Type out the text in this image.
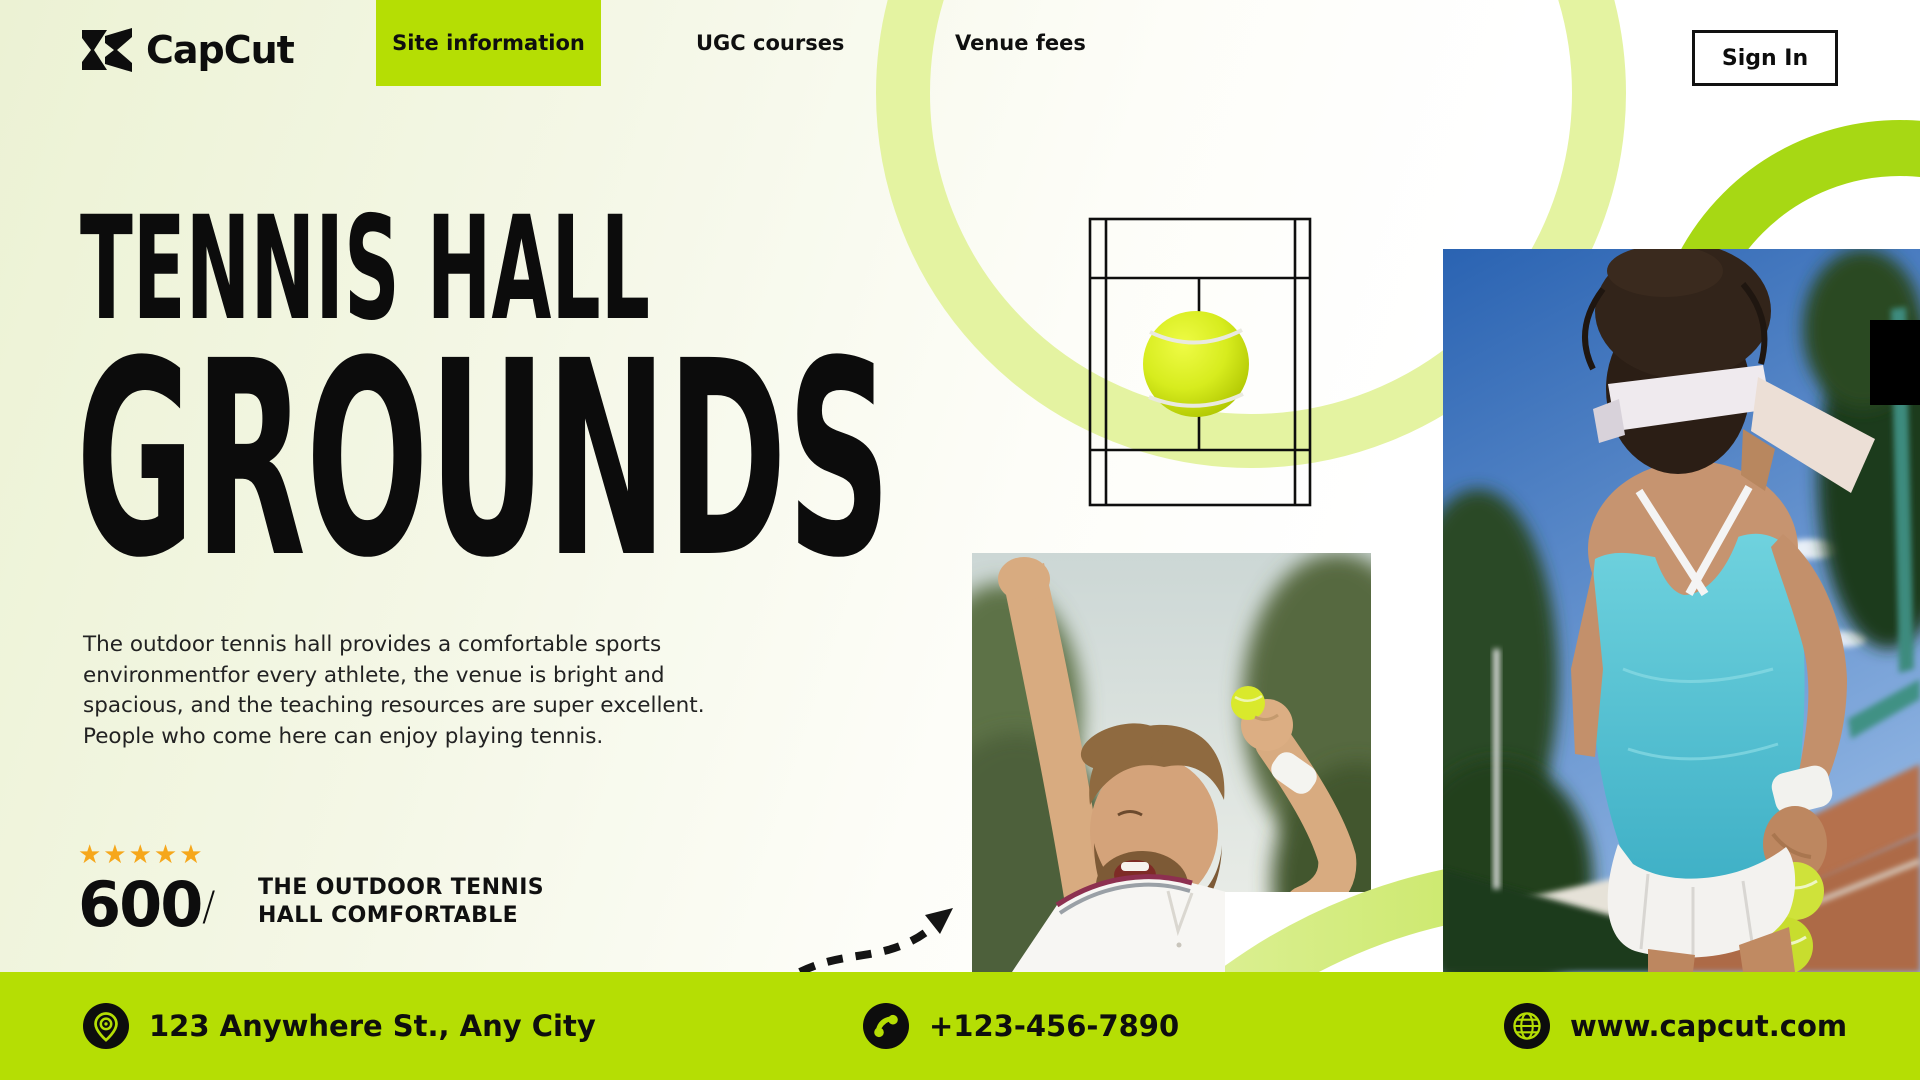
CapCut	Site information	UGC courses	Venue fees
Sign In
TENNIS HALL
GROUNDS
The outdoor tennis hall provides a comfortable sports
environmentfor every athlete, the venue is bright and
spacious, and the teaching resources are super excellent.
People who come here can enjoy playing tennis.
★★★★★
600 / THE OUTDOOR TENNIS
HALL COMFORTABLE
123 Anywhere St., Any City	+123-456-7890	www.capcut.com
